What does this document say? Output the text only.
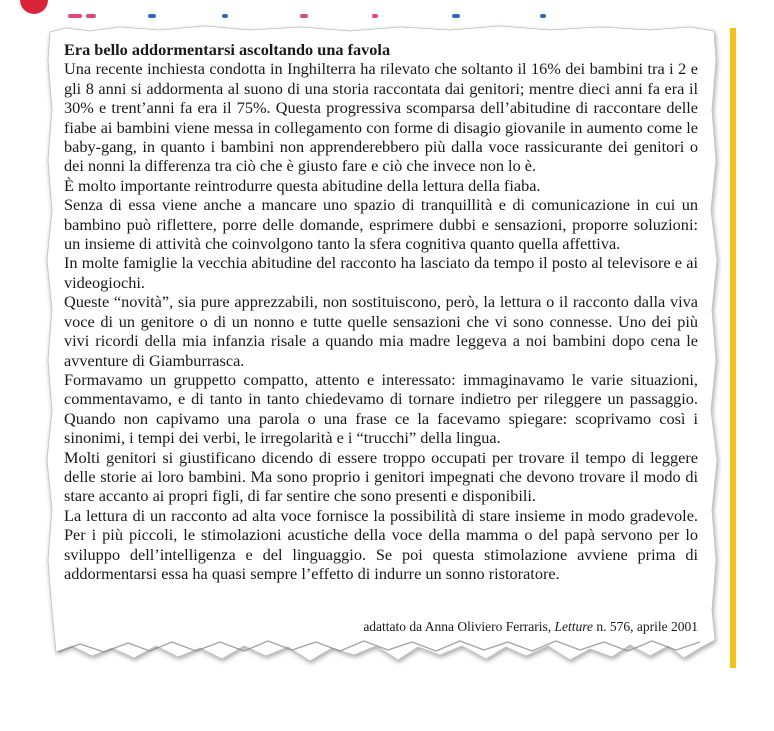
Era bello addormentarsi ascoltando una favola

Una recente inchiesta condotta in Inghilterra ha rilevato che soltanto il 16% dei bambini tra i 2 e gli 8 anni si addormenta al suono di una storia raccontata dai genitori; mentre dieci anni fa era il 30% e trent’anni fa era il 75%. Questa progressiva scomparsa dell’abitudine di raccontare delle fiabe ai bambini viene messa in collegamento con forme di disagio giovanile in aumento come le baby-gang, in quanto i bambini non apprenderebbero più dalla voce rassicurante dei genitori o dei nonni la differenza tra ciò che è giusto fare e ciò che invece non lo è.

È molto importante reintrodurre questa abitudine della lettura della fiaba.

Senza di essa viene anche a mancare uno spazio di tranquillità e di comunicazione in cui un bambino può riflettere, porre delle domande, esprimere dubbi e sensazioni, proporre soluzioni: un insieme di attività che coinvolgono tanto la sfera cognitiva quanto quella affettiva.

In molte famiglie la vecchia abitudine del racconto ha lasciato da tempo il posto al televisore e ai videogiochi.

Queste “novità”, sia pure apprezzabili, non sostituiscono, però, la lettura o il racconto dalla viva voce di un genitore o di un nonno e tutte quelle sensazioni che vi sono connesse. Uno dei più vivi ricordi della mia infanzia risale a quando mia madre leggeva a noi bambini dopo cena le avventure di Giamburrasca.

Formavamo un gruppetto compatto, attento e interessato: immaginavamo le varie situazioni, commentavamo, e di tanto in tanto chiedevamo di tornare indietro per rileggere un passaggio. Quando non capivamo una parola o una frase ce la facevamo spiegare: scoprivamo così i sinonimi, i tempi dei verbi, le irregolarità e i “trucchi” della lingua.

Molti genitori si giustificano dicendo di essere troppo occupati per trovare il tempo di leggere delle storie ai loro bambini. Ma sono proprio i genitori impegnati che devono trovare il modo di stare accanto ai propri figli, di far sentire che sono presenti e disponibili.

La lettura di un racconto ad alta voce fornisce la possibilità di stare insieme in modo gradevole. Per i più piccoli, le stimolazioni acustiche della voce della mamma o del papà servono per lo sviluppo dell’intelligenza e del linguaggio. Se poi questa stimolazione avviene prima di addormentarsi essa ha quasi sempre l’effetto di indurre un sonno ristoratore.

adattato da Anna Oliviero Ferraris, Letture n. 576, aprile 2001
